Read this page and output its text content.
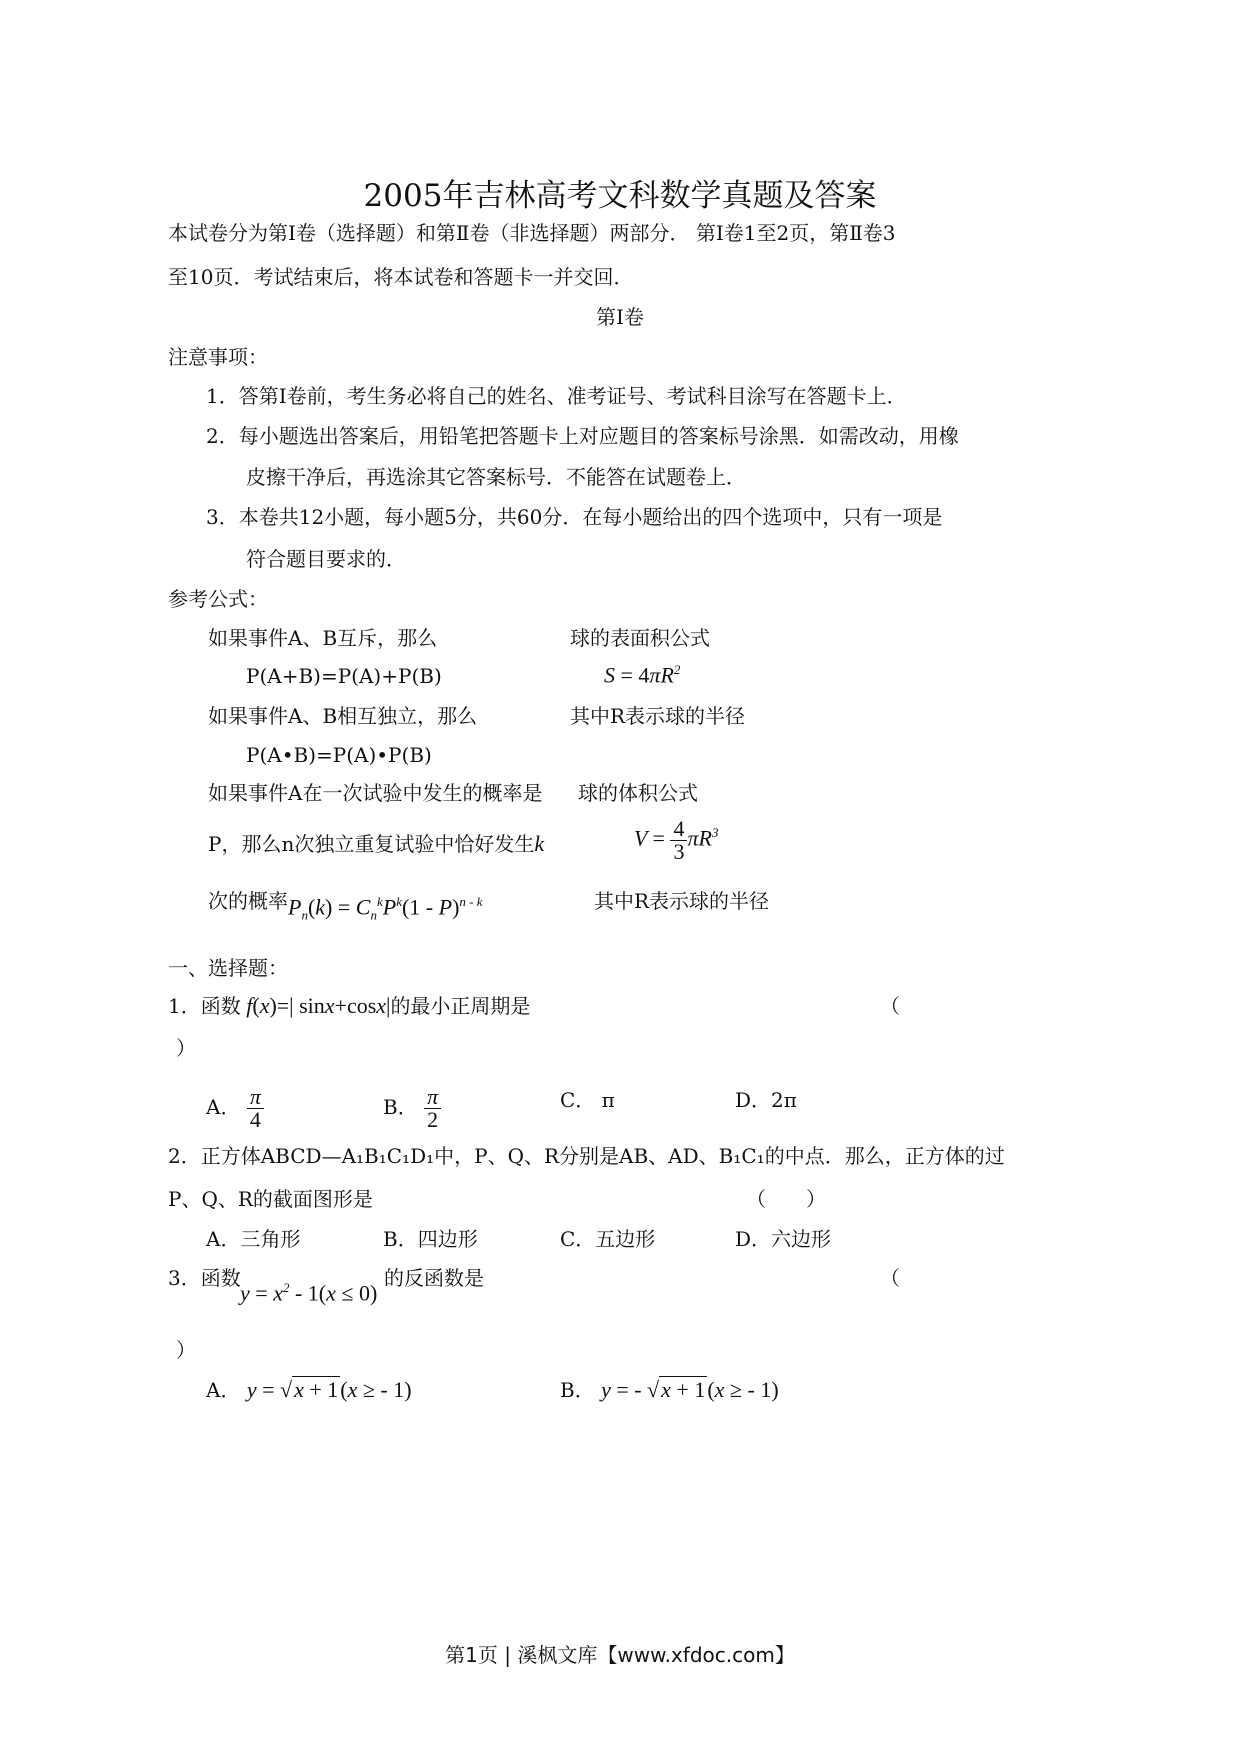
2005年吉林高考文科数学真题及答案
本试卷分为第Ⅰ卷（选择题）和第Ⅱ卷（非选择题）两部分． 第Ⅰ卷1至2页，第Ⅱ卷3
至10页．考试结束后，将本试卷和答题卡一并交回．
第Ⅰ卷
注意事项：
1．答第Ⅰ卷前，考生务必将自己的姓名、准考证号、考试科目涂写在答题卡上．
2．每小题选出答案后，用铅笔把答题卡上对应题目的答案标号涂黑．如需改动，用橡
皮擦干净后，再选涂其它答案标号．不能答在试题卷上．
3．本卷共12小题，每小题5分，共60分．在每小题给出的四个选项中，只有一项是
符合题目要求的．
参考公式：
如果事件A、B互斥，那么
P(A+B)=P(A)+P(B)
如果事件A、B相互独立，那么
P(A•B)=P(A)•P(B)
如果事件A在一次试验中发生的概率是
P，那么n次独立重复试验中恰好发生k
次的概率 $P_n(k) = C_n^kP^k(1 - P)^{n - k}$
球的表面积公式
$S = 4\pi R^2$
其中R表示球的半径
球的体积公式
$V = \frac{4}{3} \pi R^3$
其中R表示球的半径
一、选择题：
1．函数 f(x)=| sinx+cosx|的最小正周期是	（
）
A． $\frac{\pi}{4}$	B． $\frac{\pi}{2}$	C． π	D．2π
2．正方体ABCD—A₁B₁C₁D₁中，P、Q、R分别是AB、AD、B₁C₁的中点．那么，正方体的过
P、Q、R的截面图形是	（　　）
A．三角形	B．四边形	C．五边形	D．六边形
3．函数
$y = x^2 - 1(x \le 0)$
的反函数是	（
）
A． y = √x + 1(x ≥ - 1)	B． y = - √x + 1(x ≥ - 1)
第1页 | 溪枫文库【www.xfdoc.com】
